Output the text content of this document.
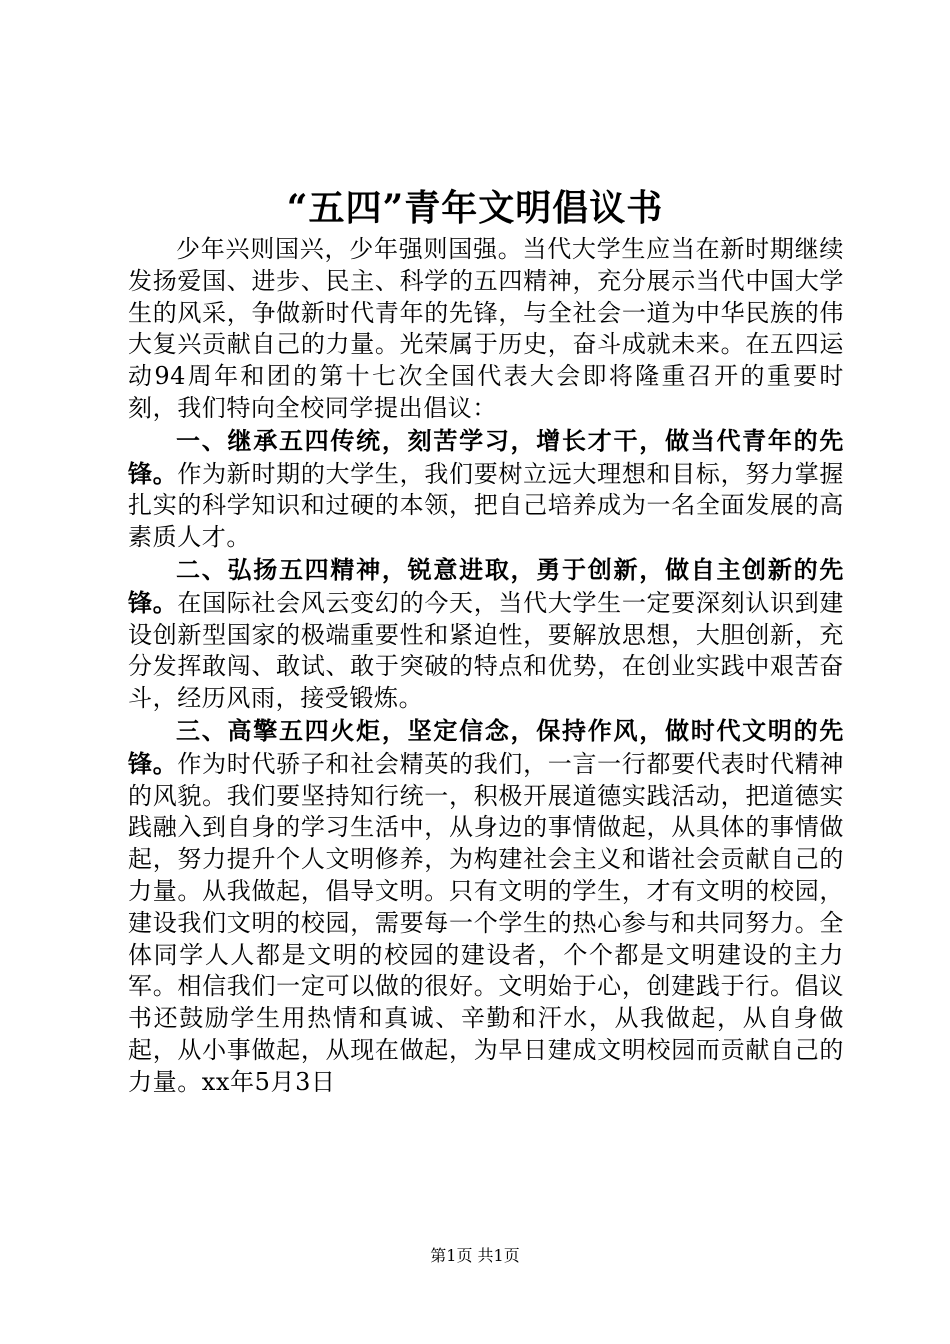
“五四”青年文明倡议书

少年兴则国兴，少年强则国强。当代大学生应当在新时期继续发扬爱国、进步、民主、科学的五四精神，充分展示当代中国大学生的风采，争做新时代青年的先锋，与全社会一道为中华民族的伟大复兴贡献自己的力量。光荣属于历史，奋斗成就未来。在五四运动94周年和团的第十七次全国代表大会即将隆重召开的重要时刻，我们特向全校同学提出倡议：

一、继承五四传统，刻苦学习，增长才干，做当代青年的先锋。作为新时期的大学生，我们要树立远大理想和目标，努力掌握扎实的科学知识和过硬的本领，把自己培养成为一名全面发展的高素质人才。

二、弘扬五四精神，锐意进取，勇于创新，做自主创新的先锋。在国际社会风云变幻的今天，当代大学生一定要深刻认识到建设创新型国家的极端重要性和紧迫性，要解放思想，大胆创新，充分发挥敢闯、敢试、敢于突破的特点和优势，在创业实践中艰苦奋斗，经历风雨，接受锻炼。

三、高擎五四火炬，坚定信念，保持作风，做时代文明的先锋。作为时代骄子和社会精英的我们，一言一行都要代表时代精神的风貌。我们要坚持知行统一，积极开展道德实践活动，把道德实践融入到自身的学习生活中，从身边的事情做起，从具体的事情做起，努力提升个人文明修养，为构建社会主义和谐社会贡献自己的力量。从我做起，倡导文明。只有文明的学生，才有文明的校园，建设我们文明的校园，需要每一个学生的热心参与和共同努力。全体同学人人都是文明的校园的建设者，个个都是文明建设的主力军。相信我们一定可以做的很好。文明始于心，创建践于行。倡议书还鼓励学生用热情和真诚、辛勤和汗水，从我做起，从自身做起，从小事做起，从现在做起，为早日建成文明校园而贡献自己的力量。xx年5月3日

第1页 共1页
